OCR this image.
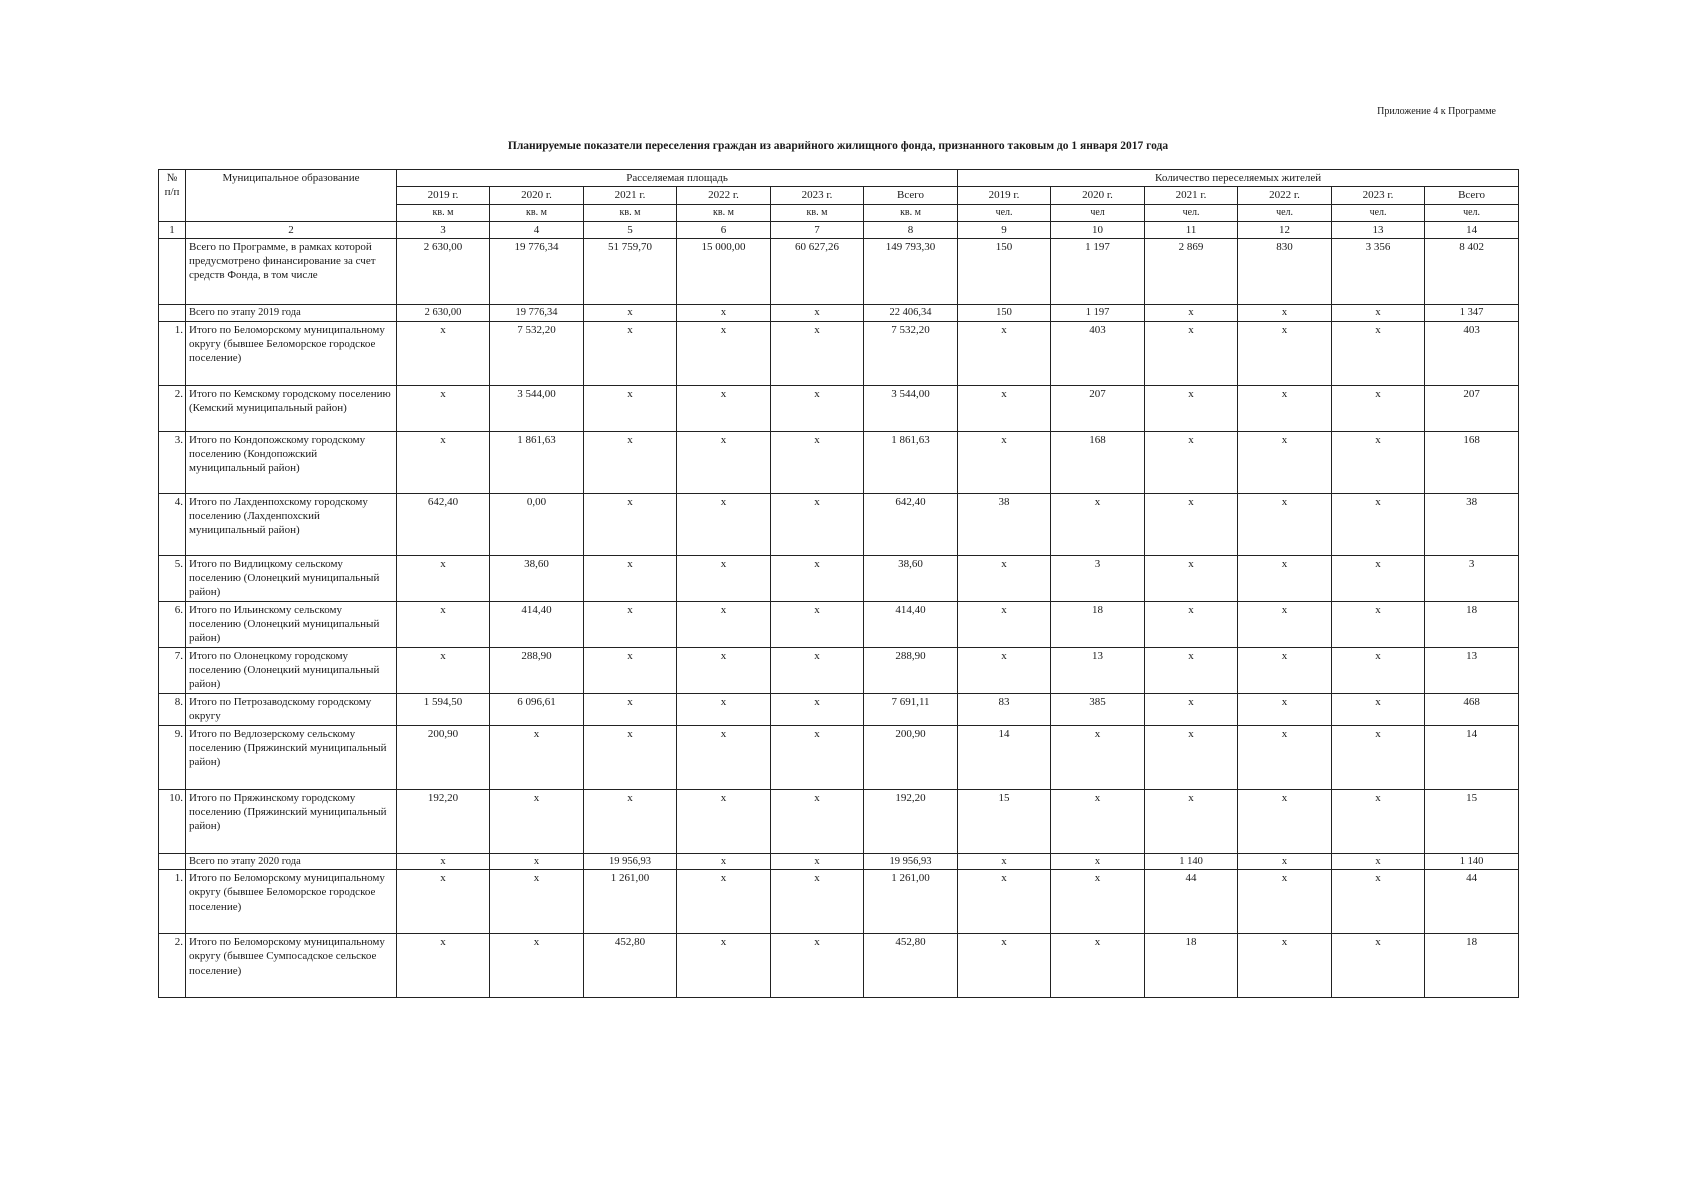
Приложение 4 к Программе
Планируемые показатели переселения граждан из аварийного жилищного фонда, признанного таковым до 1 января 2017 года
№
п/п	Муниципальное образование	Расселяемая площадь						Количество переселяемых жителей					
		2019 г.	2020 г.	2021 г.	2022 г.	2023 г.	Всего	2019 г.	2020 г.	2021 г.	2022 г.	2023 г.	Всего
		кв. м	кв. м	кв. м	кв. м	кв. м	кв. м	чел.	чел	чел.	чел.	чел.	чел.
1	2	3	4	5	6	7	8	9	10	11	12	13	14
	Всего по Программе, в рамках которой предусмотрено финансирование за счет средств Фонда, в том числе	2 630,00	19 776,34	51 759,70	15 000,00	60 627,26	149 793,30	150	1 197	2 869	830	3 356	8 402
	Всего по этапу 2019 года	2 630,00	19 776,34	x	x	x	22 406,34	150	1 197	x	x	x	1 347
1.	Итого по Беломорскому муниципальному округу (бывшее Беломорское городское поселение)	x	7 532,20	x	x	x	7 532,20	x	403	x	x	x	403
2.	Итого по Кемскому городскому поселению (Кемский муниципальный район)	x	3 544,00	x	x	x	3 544,00	x	207	x	x	x	207
3.	Итого по Кондопожскому городскому поселению (Кондопожский муниципальный район)	x	1 861,63	x	x	x	1 861,63	x	168	x	x	x	168
4.	Итого по Лахденпохскому городскому поселению (Лахденпохский муниципальный район)	642,40	0,00	x	x	x	642,40	38	x	x	x	x	38
5.	Итого по Видлицкому сельскому поселению (Олонецкий муниципальный район)	x	38,60	x	x	x	38,60	x	3	x	x	x	3
6.	Итого по Ильинскому сельскому поселению (Олонецкий муниципальный район)	x	414,40	x	x	x	414,40	x	18	x	x	x	18
7.	Итого по Олонецкому городскому поселению (Олонецкий муниципальный район)	x	288,90	x	x	x	288,90	x	13	x	x	x	13
8.	Итого по Петрозаводскому городскому округу	1 594,50	6 096,61	x	x	x	7 691,11	83	385	x	x	x	468
9.	Итого по Ведлозерскому сельскому поселению (Пряжинский муниципальный район)	200,90	x	x	x	x	200,90	14	x	x	x	x	14
10.	Итого по Пряжинскому городскому поселению (Пряжинский муниципальный район)	192,20	x	x	x	x	192,20	15	x	x	x	x	15
	Всего по этапу 2020 года	x	x	19 956,93	x	x	19 956,93	x	x	1 140	x	x	1 140
1.	Итого по Беломорскому муниципальному округу (бывшее Беломорское городское поселение)	x	x	1 261,00	x	x	1 261,00	x	x	44	x	x	44
2.	Итого по Беломорскому муниципальному округу (бывшее Сумпосадское сельское поселение)	x	x	452,80	x	x	452,80	x	x	18	x	x	18
